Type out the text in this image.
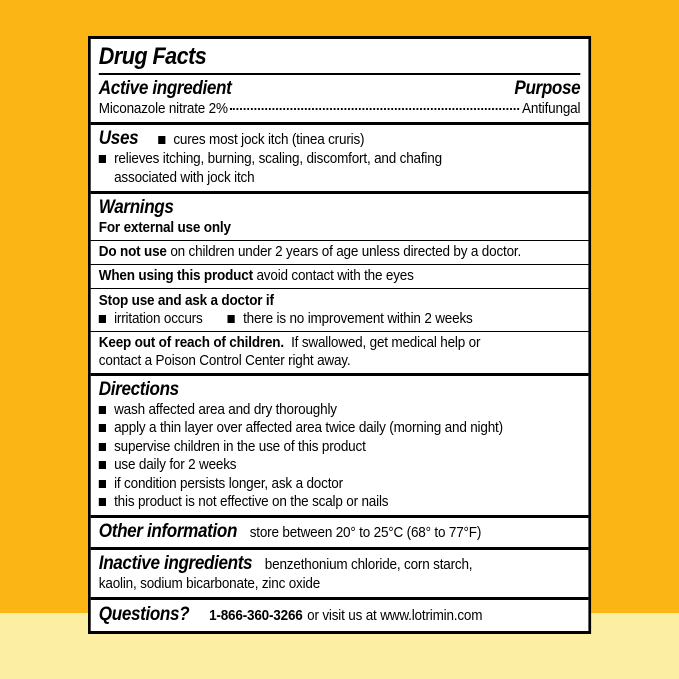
Drug Facts
Active ingredient	Purpose
Miconazole nitrate 2%	Antifungal
Uses cures most jock itch (tinea cruris)
relieves itching, burning, scaling, discomfort, and chafing
associated with jock itch
Warnings
For external use only
Do not use on children under 2 years of age unless directed by a doctor.
When using this product avoid contact with the eyes
Stop use and ask a doctor if
irritation occurs	there is no improvement within 2 weeks
Keep out of reach of children. If swallowed, get medical help or
contact a Poison Control Center right away.
Directions
wash affected area and dry thoroughly
apply a thin layer over affected area twice daily (morning and night)
supervise children in the use of this product
use daily for 2 weeks
if condition persists longer, ask a doctor
this product is not effective on the scalp or nails
Other information store between 20° to 25°C (68° to 77°F)
Inactive ingredients benzethonium chloride, corn starch,
kaolin, sodium bicarbonate, zinc oxide
Questions? 1-866-360-3266 or visit us at www.lotrimin.com
